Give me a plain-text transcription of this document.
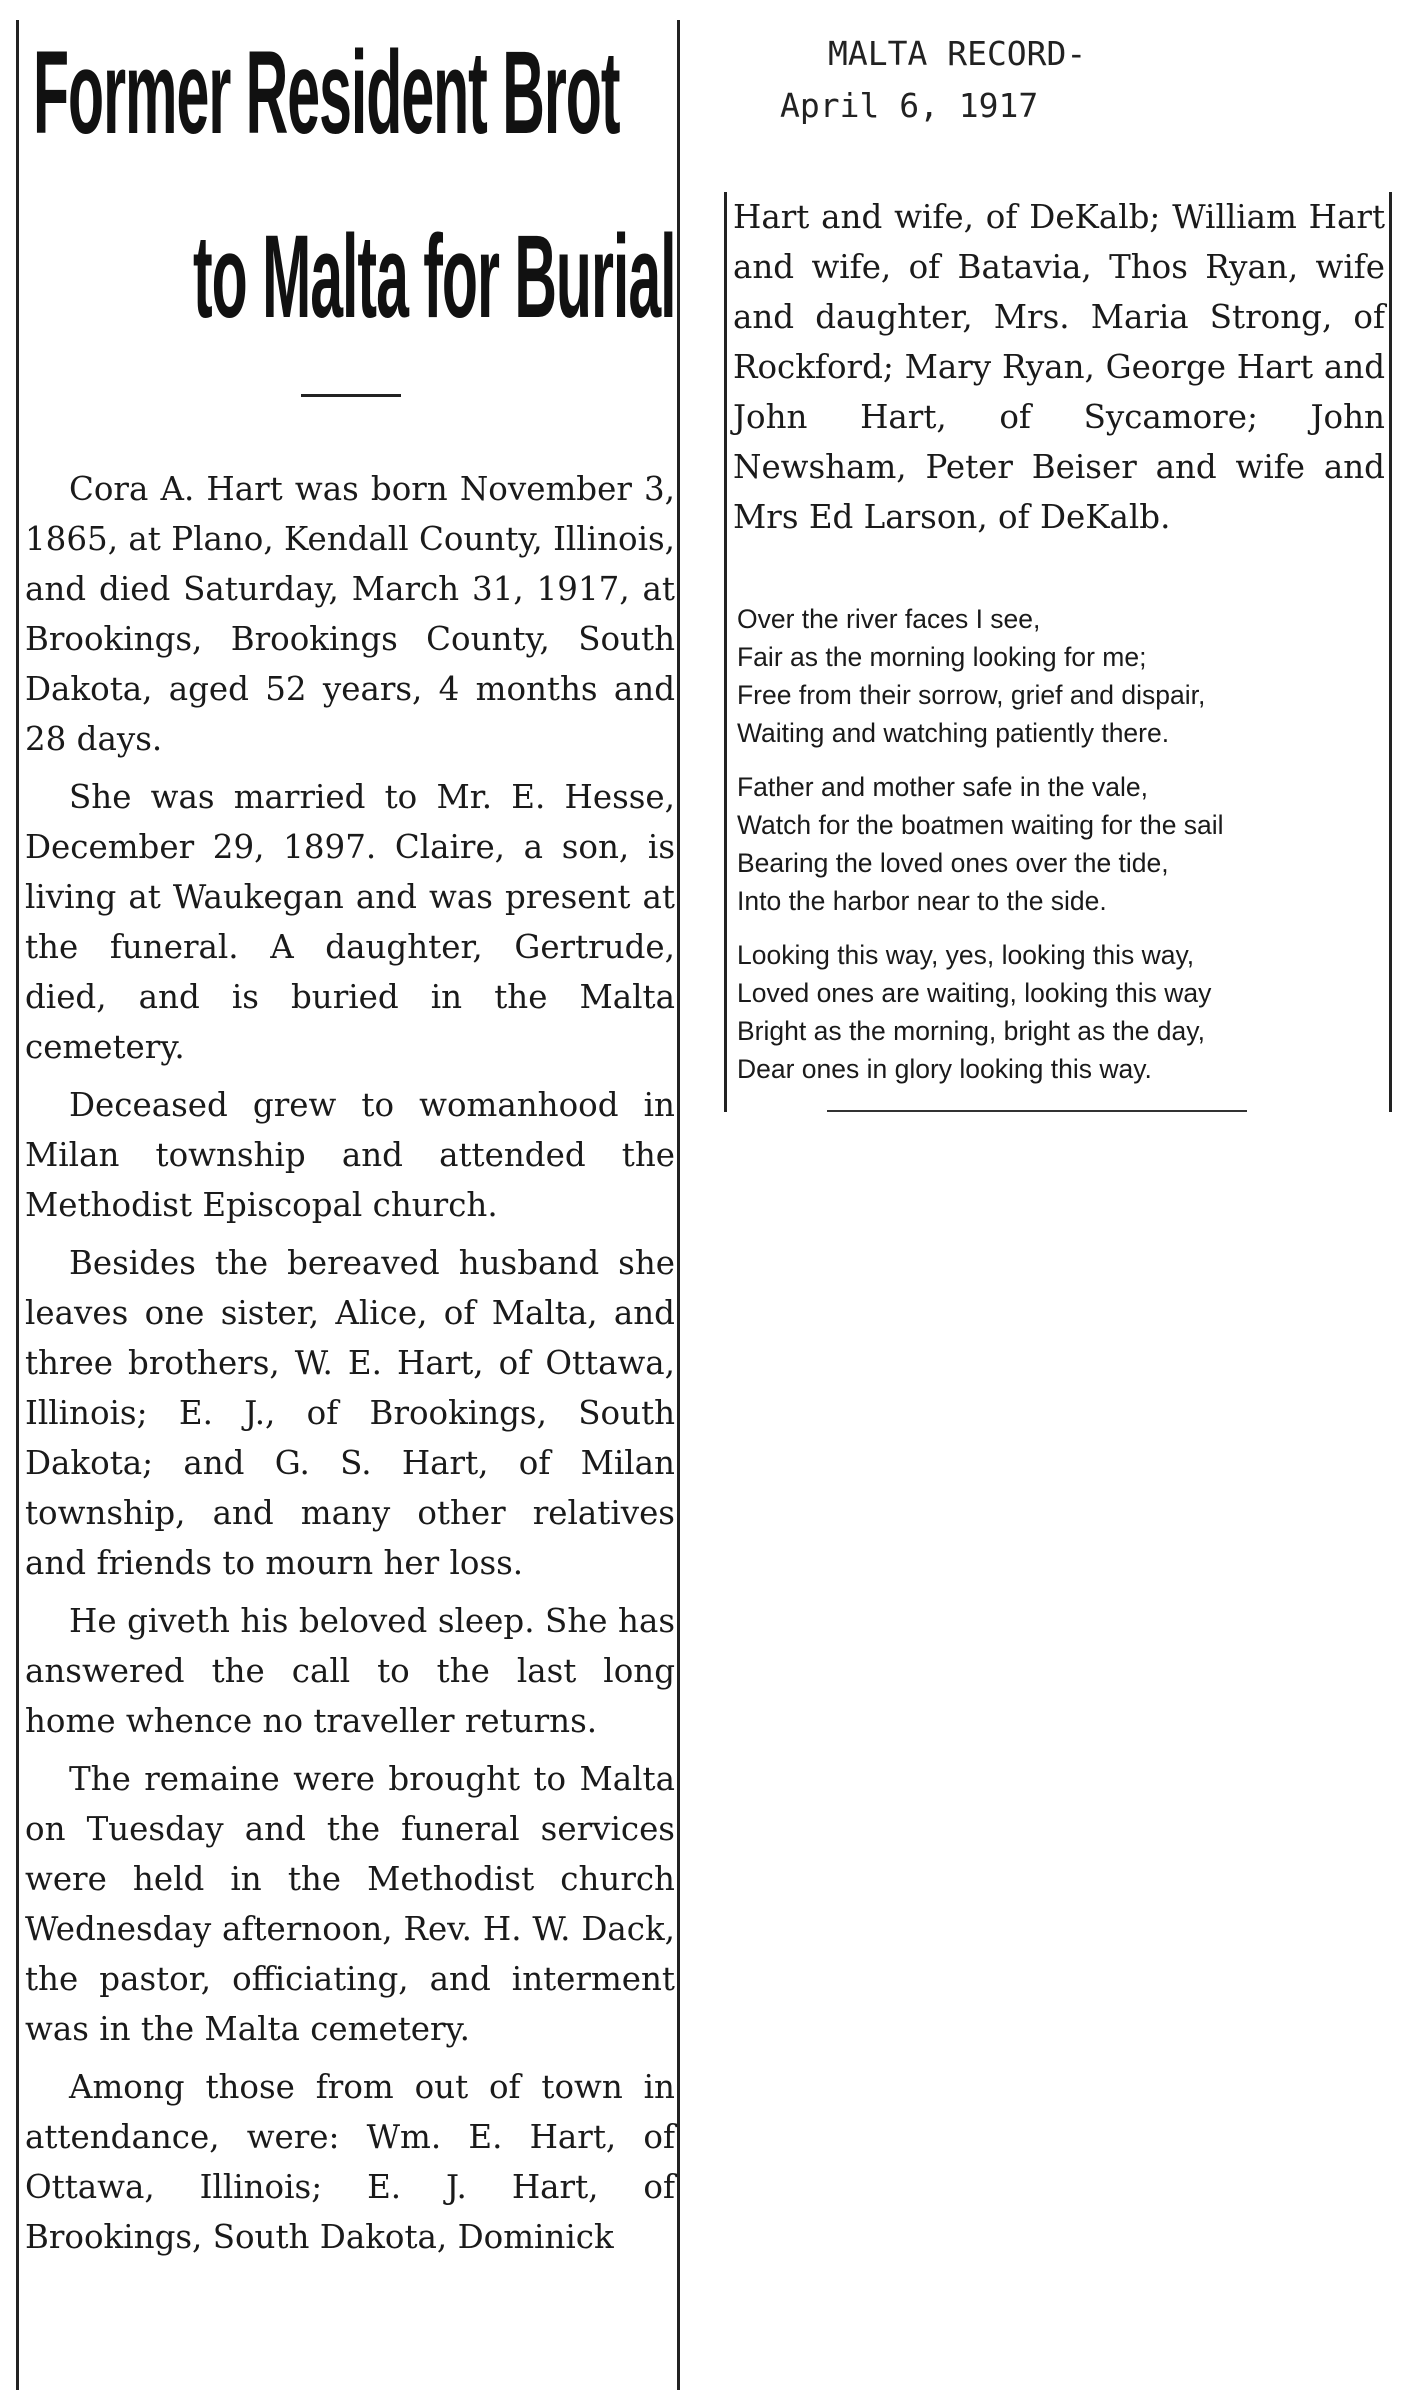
MALTA RECORD-
April 6, 1917
Former Resident Brot
to Malta for Burial

Cora A. Hart was born November 3, 1865, at Plano, Kendall County, Illinois, and died Saturday, March 31, 1917, at Brookings, Brookings County, South Dakota, aged 52 years, 4 months and 28 days.

She was married to Mr. E. Hesse, December 29, 1897. Claire, a son, is living at Waukegan and was present at the funeral. A daughter, Gertrude, died, and is buried in the Malta cemetery.

Deceased grew to womanhood in Milan township and attended the Methodist Episcopal church.

Besides the bereaved husband she leaves one sister, Alice, of Malta, and three brothers, W. E. Hart, of Ottawa, Illinois; E. J., of Brookings, South Dakota; and G. S. Hart, of Milan township, and many other relatives and friends to mourn her loss.

He giveth his beloved sleep. She has answered the call to the last long home whence no traveller returns.

The remaine were brought to Malta on Tuesday and the funeral services were held in the Methodist church Wednesday afternoon, Rev. H. W. Dack, the pastor, officiating, and interment was in the Malta cemetery.

Among those from out of town in attendance, were: Wm. E. Hart, of Ottawa, Illinois; E. J. Hart, of Brookings, South Dakota, Dominick

Hart and wife, of DeKalb; William Hart and wife, of Batavia, Thos Ryan, wife and daughter, Mrs. Maria Strong, of Rockford; Mary Ryan, George Hart and John Hart, of Sycamore; John Newsham, Peter Beiser and wife and Mrs Ed Larson, of DeKalb.

Over the river faces I see,
Fair as the morning looking for me;
Free from their sorrow, grief and dispair,
Waiting and watching patiently there.
Father and mother safe in the vale,
Watch for the boatmen waiting for the sail
Bearing the loved ones over the tide,
Into the harbor near to the side.
Looking this way, yes, looking this way,
Loved ones are waiting, looking this way
Bright as the morning, bright as the day,
Dear ones in glory looking this way.
